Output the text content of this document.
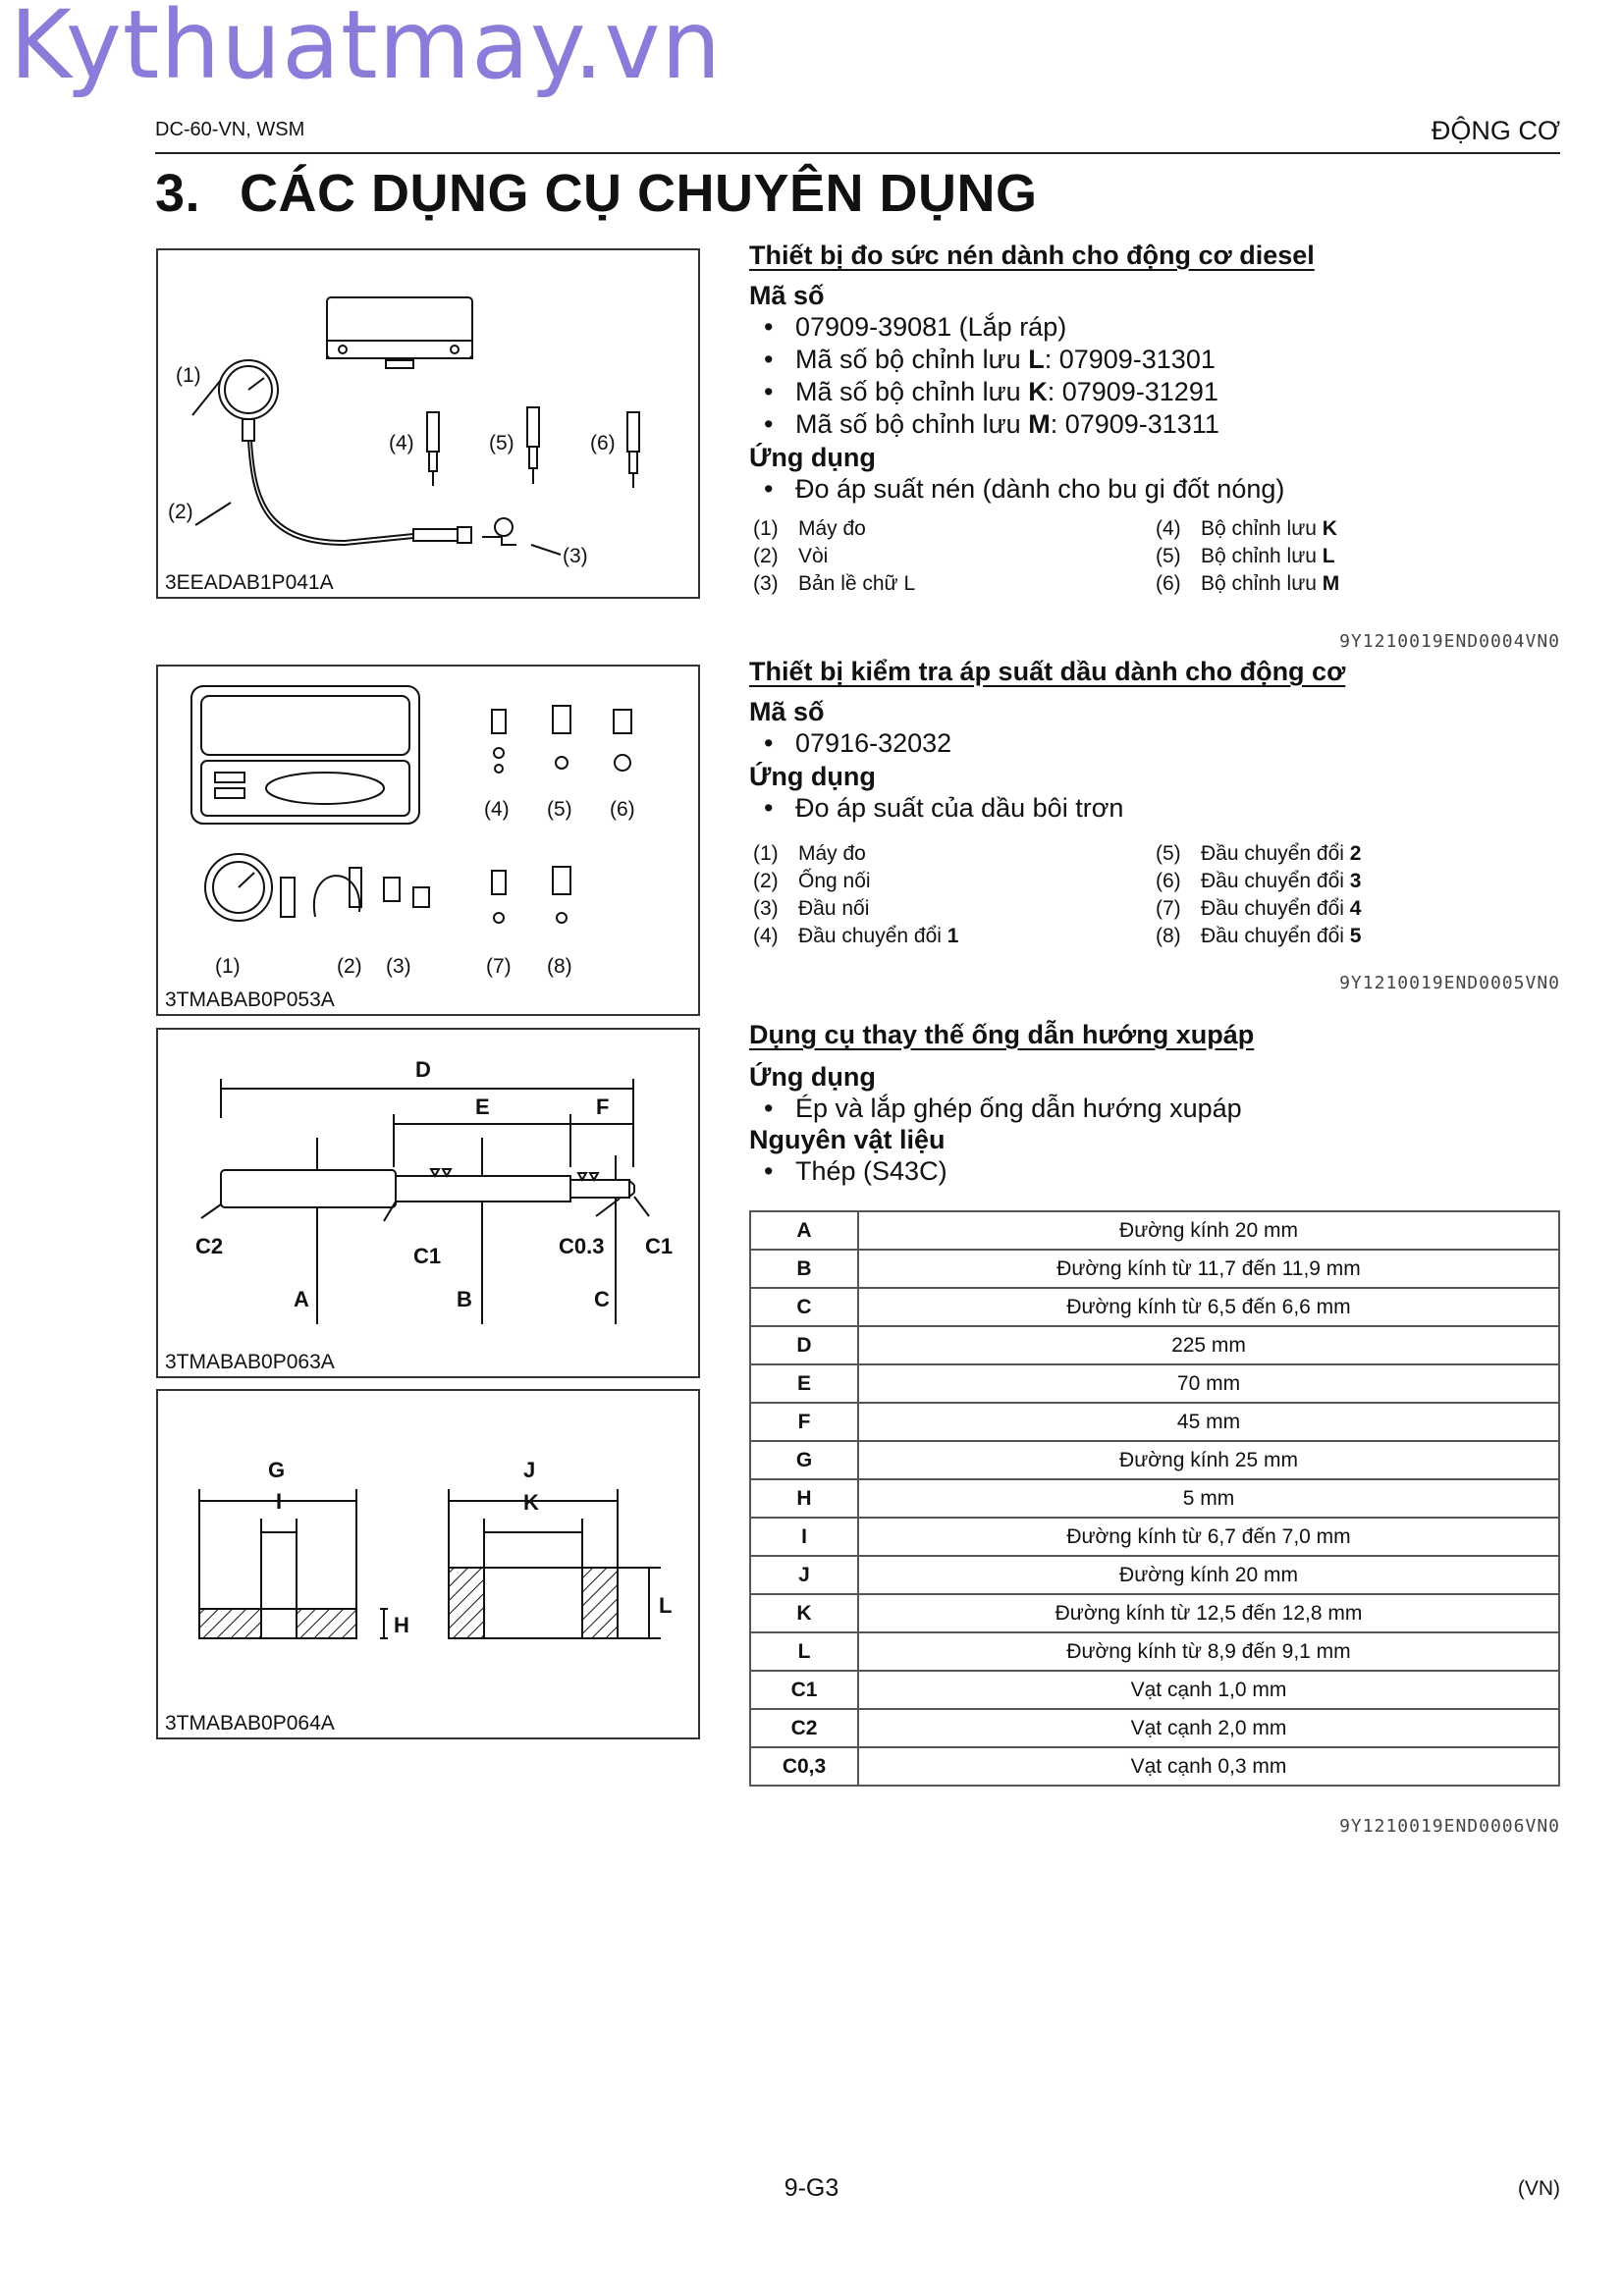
Kythuatmay.vn
DC-60-VN, WSM	ĐỘNG CƠ
3. CÁC DỤNG CỤ CHUYÊN DỤNG
(1)
(2)
(3)
(4)	(5)	(6)
3EEADAB1P041A
(4) (5) (6)
(1)	(2) (3)	(7) (8)
3TMABAB0P053A
D
E	F
C2	C1	C0.3 C1
A	B	C
3TMABAB0P063A
G
I
H
J
K
L
3TMABAB0P064A
Thiết bị đo sức nén dành cho động cơ diesel
Mã số
• 07909-39081 (Lắp ráp)
• Mã số bộ chỉnh lưu L: 07909-31301
• Mã số bộ chỉnh lưu K: 07909-31291
• Mã số bộ chỉnh lưu M: 07909-31311
Ứng dụng
• Đo áp suất nén (dành cho bu gi đốt nóng)
(1) Máy đo
(2) Vòi
(3) Bản lề chữ L
(4) Bộ chỉnh lưu K
(5) Bộ chỉnh lưu L
(6) Bộ chỉnh lưu M
9Y1210019END0004VN0
Thiết bị kiểm tra áp suất dầu dành cho động cơ
Mã số
• 07916-32032
Ứng dụng
• Đo áp suất của dầu bôi trơn
(1) Máy đo
(2) Ống nối
(3) Đầu nối
(4) Đầu chuyển đổi 1
(5) Đầu chuyển đổi 2
(6) Đầu chuyển đổi 3
(7) Đầu chuyển đổi 4
(8) Đầu chuyển đổi 5
9Y1210019END0005VN0
Dụng cụ thay thế ống dẫn hướng xupáp
Ứng dụng
• Ép và lắp ghép ống dẫn hướng xupáp
Nguyên vật liệu
• Thép (S43C)
A	Đường kính 20 mm
B	Đường kính từ 11,7 đến 11,9 mm
C	Đường kính từ 6,5 đến 6,6 mm
D	225 mm
E	70 mm
F	45 mm
G	Đường kính 25 mm
H	5 mm
I	Đường kính từ 6,7 đến 7,0 mm
J	Đường kính 20 mm
K	Đường kính từ 12,5 đến 12,8 mm
L	Đường kính từ 8,9 đến 9,1 mm
C1	Vạt cạnh 1,0 mm
C2	Vạt cạnh 2,0 mm
C0,3	Vạt cạnh 0,3 mm
9Y1210019END0006VN0
9-G3	(VN)
